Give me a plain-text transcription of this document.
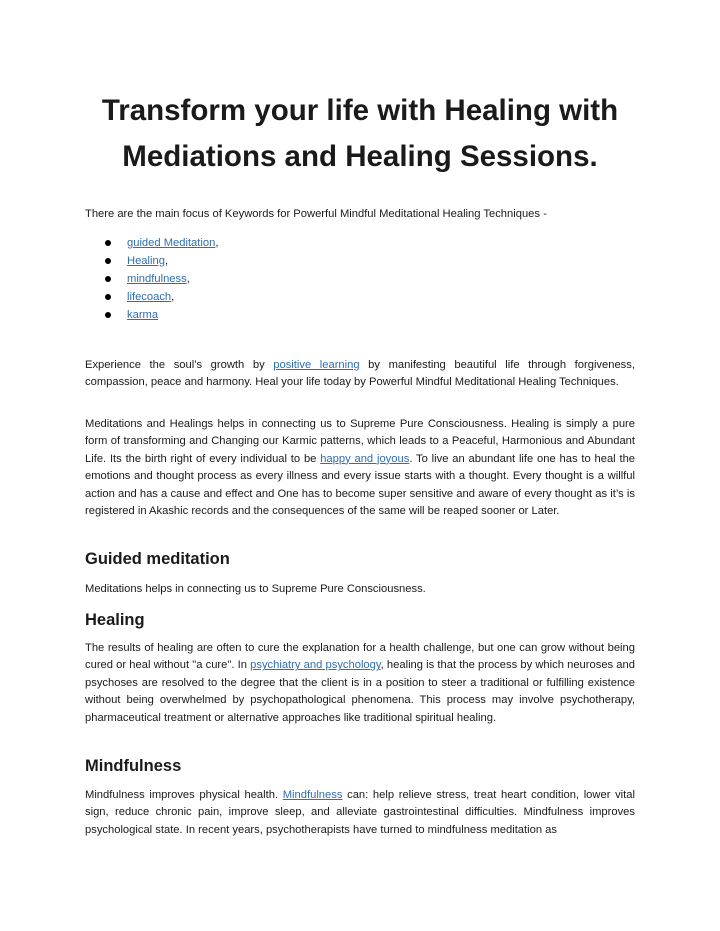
Transform your life with Healing with Mediations and Healing Sessions.

There are the main focus of Keywords for Powerful Mindful Meditational Healing Techniques -

guided Meditation,
Healing,
mindfulness,
lifecoach,
karma

Experience the soul’s growth by positive learning by manifesting beautiful life through forgiveness, compassion, peace and harmony. Heal your life today by Powerful Mindful Meditational Healing Techniques.

Meditations and Healings helps in connecting us to Supreme Pure Consciousness. Healing is simply a pure form of transforming and Changing our Karmic patterns, which leads to a Peaceful, Harmonious and Abundant Life. Its the birth right of every individual to be happy and joyous. To live an abundant life one has to heal the emotions and thought process as every illness and every issue starts with a thought. Every thought is a willful action and has a cause and effect and One has to become super sensitive and aware of every thought as it’s is registered in Akashic records and the consequences of the same will be reaped sooner or Later.

Guided meditation

Meditations helps in connecting us to Supreme Pure Consciousness.

Healing

The results of healing are often to cure the explanation for a health challenge, but one can grow without being cured or heal without "a cure". In psychiatry and psychology, healing is that the process by which neuroses and psychoses are resolved to the degree that the client is in a position to steer a traditional or fulfilling existence without being overwhelmed by psychopathological phenomena. This process may involve psychotherapy, pharmaceutical treatment or alternative approaches like traditional spiritual healing.

Mindfulness

Mindfulness improves physical health. Mindfulness can: help relieve stress, treat heart condition, lower vital sign, reduce chronic pain, improve sleep, and alleviate gastrointestinal difficulties. Mindfulness improves psychological state. In recent years, psychotherapists have turned to mindfulness meditation as
